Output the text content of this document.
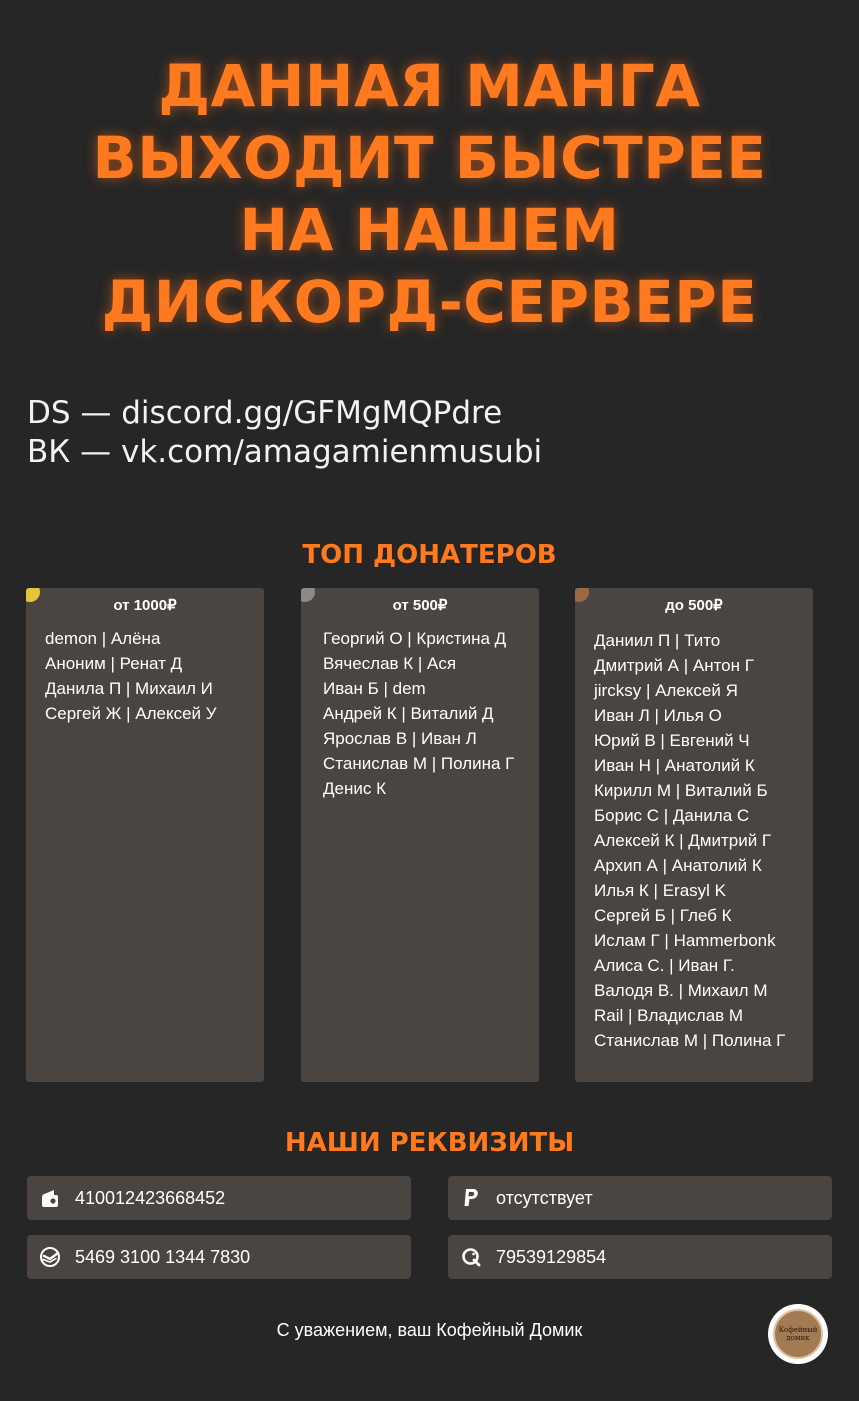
ДАННАЯ МАНГА
ВЫХОДИТ БЫСТРЕЕ
НА НАШЕМ
ДИСКОРД-СЕРВЕРЕ
DS — discord.gg/GFMgMQPdre
ВК — vk.com/amagamienmusubi
ТОП ДОНАТЕРОВ
от 1000₽
demon | Алёна
Аноним | Ренат Д
Данила П | Михаил И
Сергей Ж | Алексей У
от 500₽
Георгий О | Кристина Д
Вячеслав К | Ася
Иван Б | dem
Андрей К | Виталий Д
Ярослав В | Иван Л
Станислав М | Полина Г
Денис К
до 500₽
Даниил П | Тито
Дмитрий А | Антон Г
jircksy | Алексей Я
Иван Л | Илья О
Юрий В | Евгений Ч
Иван Н | Анатолий К
Кирилл М | Виталий Б
Борис С | Данила С
Алексей К | Дмитрий Г
Архип А | Анатолий К
Илья К | Erasyl K
Сергей Б | Глеб К
Ислам Г | Hammerbonk
Алиса С. | Иван Г.
Валодя В. | Михаил М
Rail | Владислав М
Станислав М | Полина Г
НАШИ РЕКВИЗИТЫ
410012423668452	отсутствует
5469 3100 1344 7830	79539129854
С уважением, ваш Кофейный Домик	Кофейный домик
